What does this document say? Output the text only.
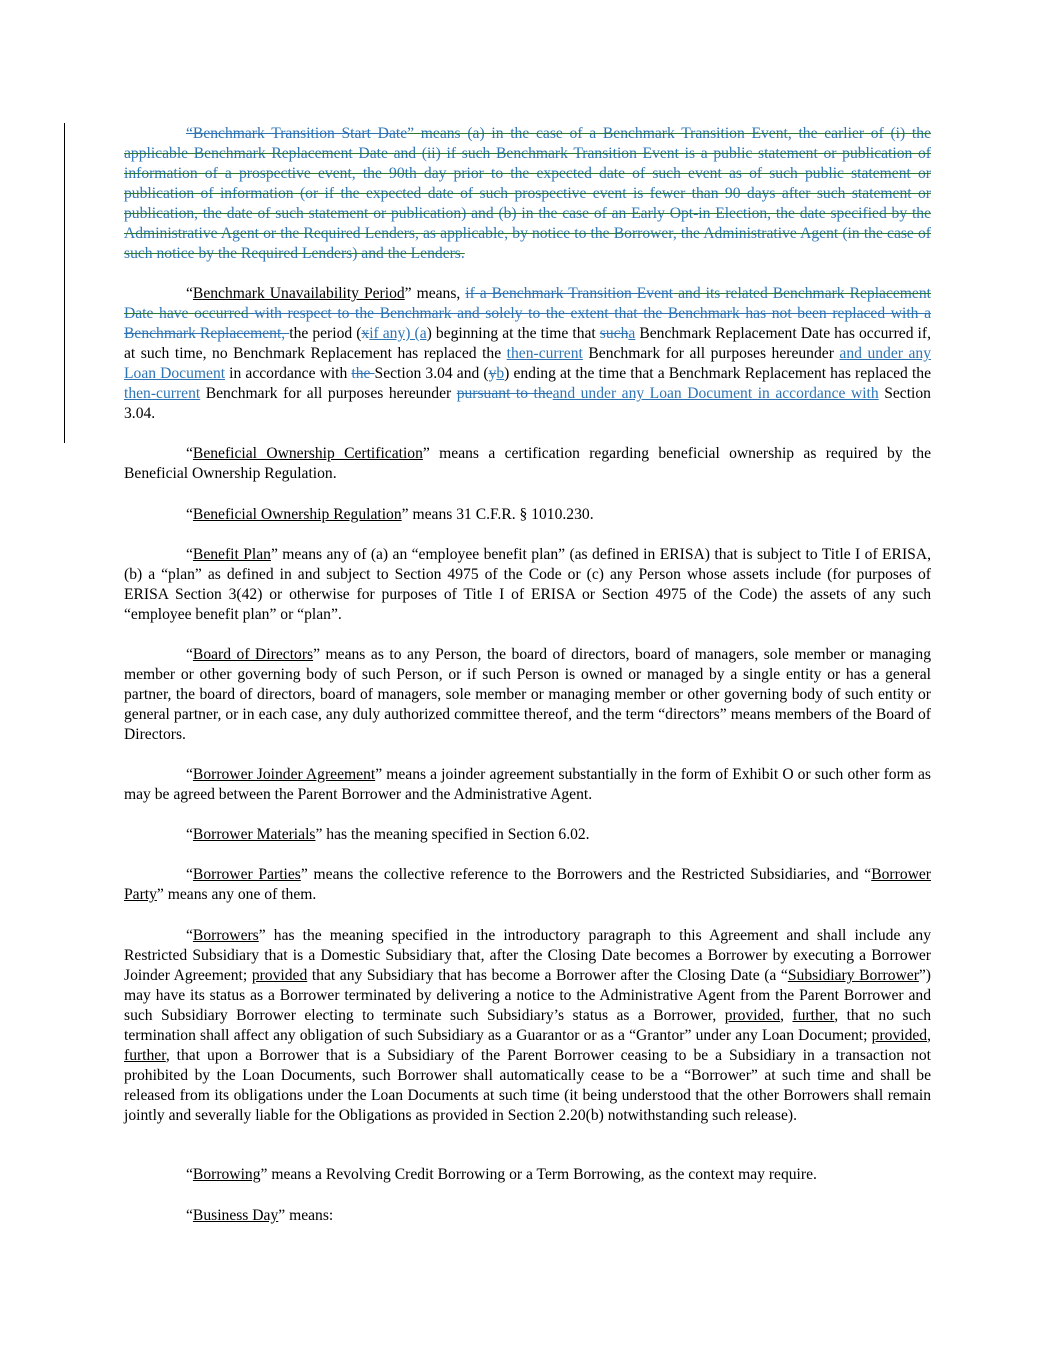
“Benchmark Transition Start Date” means (a) in the case of a Benchmark Transition Event, the earlier of (i) the applicable Benchmark Replacement Date and (ii) if such Benchmark Transition Event is a public statement or publication of information of a prospective event, the 90th day prior to the expected date of such event as of such public statement or publication of information (or if the expected date of such prospective event is fewer than 90 days after such statement or publication, the date of such statement or publication) and (b) in the case of an Early Opt-in Election, the date specified by the Administrative Agent or the Required Lenders, as applicable, by notice to the Borrower, the Administrative Agent (in the case of such notice by the Required Lenders) and the Lenders.

“Benchmark Unavailability Period” means, if a Benchmark Transition Event and its related Benchmark Replacement Date have occurred with respect to the Benchmark and solely to the extent that the Benchmark has not been replaced with a Benchmark Replacement, the period (xif any) (a) beginning at the time that sucha Benchmark Replacement Date has occurred if, at such time, no Benchmark Replacement has replaced the then-current Benchmark for all purposes hereunder and under any Loan Document in accordance with the Section 3.04 and (yb) ending at the time that a Benchmark Replacement has replaced the then-current Benchmark for all purposes hereunder pursuant to theand under any Loan Document in accordance with Section 3.04.

“Beneficial Ownership Certification” means a certification regarding beneficial ownership as required by the Beneficial Ownership Regulation.

“Beneficial Ownership Regulation” means 31 C.F.R. § 1010.230.

“Benefit Plan” means any of (a) an “employee benefit plan” (as defined in ERISA) that is subject to Title I of ERISA, (b) a “plan” as defined in and subject to Section 4975 of the Code or (c) any Person whose assets include (for purposes of ERISA Section 3(42) or otherwise for purposes of Title I of ERISA or Section 4975 of the Code) the assets of any such “employee benefit plan” or “plan”.

“Board of Directors” means as to any Person, the board of directors, board of managers, sole member or managing member or other governing body of such Person, or if such Person is owned or managed by a single entity or has a general partner, the board of directors, board of managers, sole member or managing member or other governing body of such entity or general partner, or in each case, any duly authorized committee thereof, and the term “directors” means members of the Board of Directors.

“Borrower Joinder Agreement” means a joinder agreement substantially in the form of Exhibit O or such other form as may be agreed between the Parent Borrower and the Administrative Agent.

“Borrower Materials” has the meaning specified in Section 6.02.

“Borrower Parties” means the collective reference to the Borrowers and the Restricted Subsidiaries, and “Borrower Party” means any one of them.

“Borrowers” has the meaning specified in the introductory paragraph to this Agreement and shall include any Restricted Subsidiary that is a Domestic Subsidiary that, after the Closing Date becomes a Borrower by executing a Borrower Joinder Agreement; provided that any Subsidiary that has become a Borrower after the Closing Date (a “Subsidiary Borrower”) may have its status as a Borrower terminated by delivering a notice to the Administrative Agent from the Parent Borrower and such Subsidiary Borrower electing to terminate such Subsidiary’s status as a Borrower, provided, further, that no such termination shall affect any obligation of such Subsidiary as a Guarantor or as a “Grantor” under any Loan Document; provided, further, that upon a Borrower that is a Subsidiary of the Parent Borrower ceasing to be a Subsidiary in a transaction not prohibited by the Loan Documents, such Borrower shall automatically cease to be a “Borrower” at such time and shall be released from its obligations under the Loan Documents at such time (it being understood that the other Borrowers shall remain jointly and severally liable for the Obligations as provided in Section 2.20(b) notwithstanding such release).

“Borrowing” means a Revolving Credit Borrowing or a Term Borrowing, as the context may require.

“Business Day” means:
